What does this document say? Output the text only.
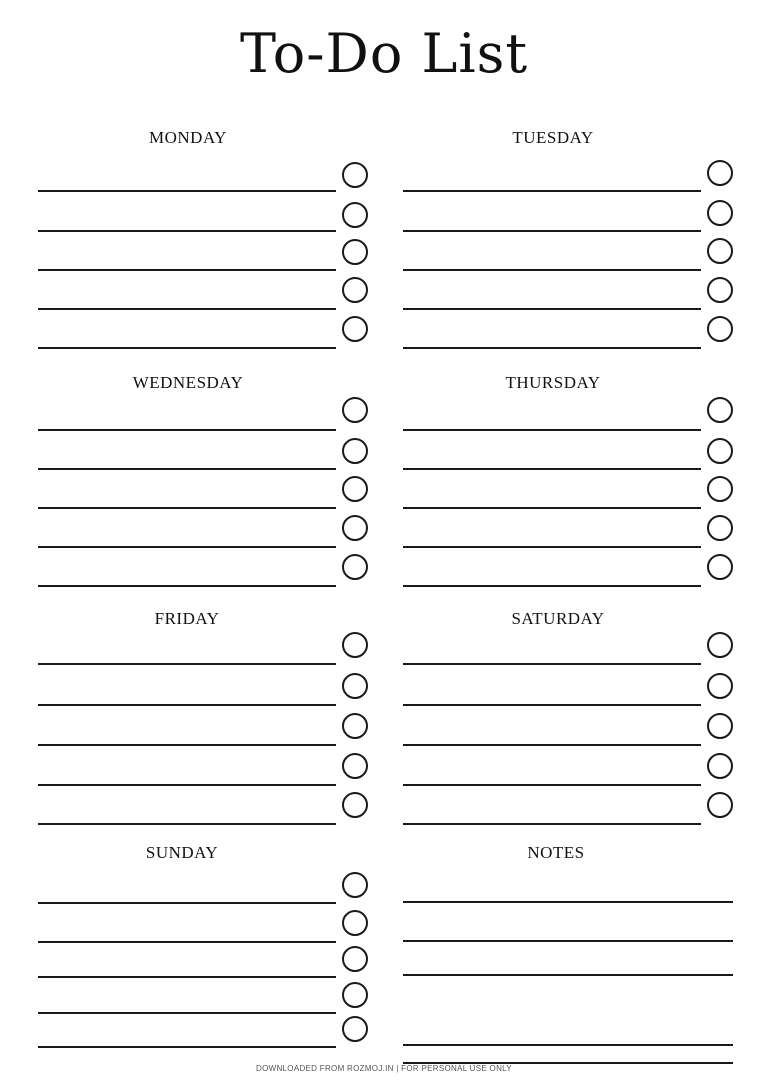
To-Do List
MONDAY	TUESDAY
WEDNESDAY	THURSDAY
FRIDAY	SATURDAY
SUNDAY	NOTES
DOWNLOADED FROM ROZMOJ.IN | FOR PERSONAL USE ONLY
